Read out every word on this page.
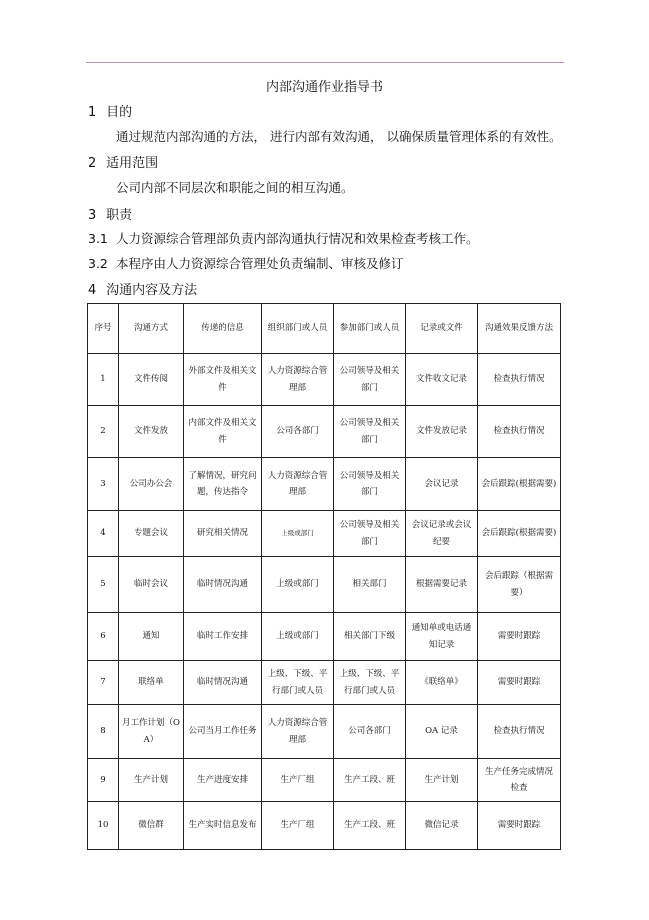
内部沟通作业指导书
1 目的
通过规范内部沟通的方法， 进行内部有效沟通， 以确保质量管理体系的有效性。
2 适用范围
公司内部不同层次和职能之间的相互沟通。
3 职责
3.1 人力资源综合管理部负责内部沟通执行情况和效果检查考核工作。
3.2 本程序由人力资源综合管理处负责编制、审核及修订
4 沟通内容及方法
序号	沟通方式	传递的信息	组织部门或人员	参加部门或人员	记录或文件	沟通效果反馈方法
1	文件传阅	外部文件及相关文件	人力资源综合管理部	公司领导及相关部门	文件收文记录	检查执行情况
2	文件发放	内部文件及相关文件	公司各部门	公司领导及相关部门	文件发放记录	检查执行情况
3	公司办公会	了解情况，研究问题，传达指令	人力资源综合管理部	公司领导及相关部门	会议记录	会后跟踪(根据需要)
4	专题会议	研究相关情况	上级或部门	公司领导及相关部门	会议记录或会议纪要	会后跟踪(根据需要)
5	临时会议	临时情况沟通	上级或部门	相关部门	根据需要记录	会后跟踪（根据需要）
6	通知	临时工作安排	上级或部门	相关部门下级	通知单或电话通知记录	需要时跟踪
7	联络单	临时情况沟通	上级、下级、平行部门或人员	上级、下级、平行部门或人员	《联络单》	需要时跟踪
8	月工作计划（OA）	公司当月工作任务	人力资源综合管理部	公司各部门	OA 记录	检查执行情况
9	生产计划	生产进度安排	生产厂组	生产工段、班	生产计划	生产任务完成情况检查
10	微信群	生产实时信息发布	生产厂组	生产工段、班	微信记录	需要时跟踪
